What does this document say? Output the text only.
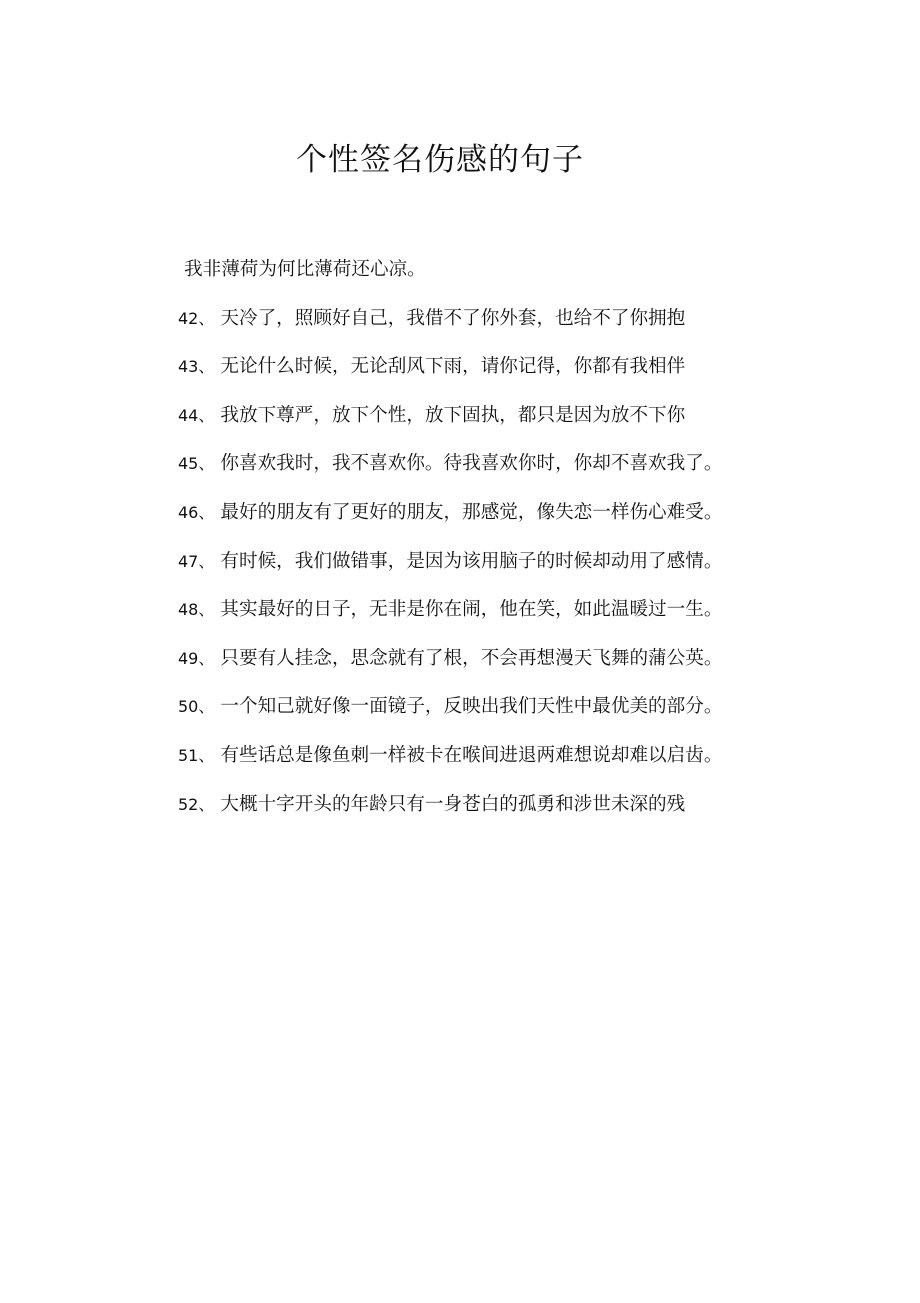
个性签名伤感的句子

我非薄荷为何比薄荷还心凉。

42、 天冷了，照顾好自己，我借不了你外套，也给不了你拥抱

43、 无论什么时候，无论刮风下雨，请你记得，你都有我相伴

44、 我放下尊严，放下个性，放下固执，都只是因为放不下你

45、 你喜欢我时，我不喜欢你。待我喜欢你时，你却不喜欢我了。

46、 最好的朋友有了更好的朋友，那感觉，像失恋一样伤心难受。

47、 有时候，我们做错事，是因为该用脑子的时候却动用了感情。

48、 其实最好的日子，无非是你在闹，他在笑，如此温暖过一生。

49、 只要有人挂念，思念就有了根，不会再想漫天飞舞的蒲公英。

50、 一个知己就好像一面镜子，反映出我们天性中最优美的部分。

51、 有些话总是像鱼刺一样被卡在喉间进退两难想说却难以启齿。

52、 大概十字开头的年龄只有一身苍白的孤勇和涉世未深的残
